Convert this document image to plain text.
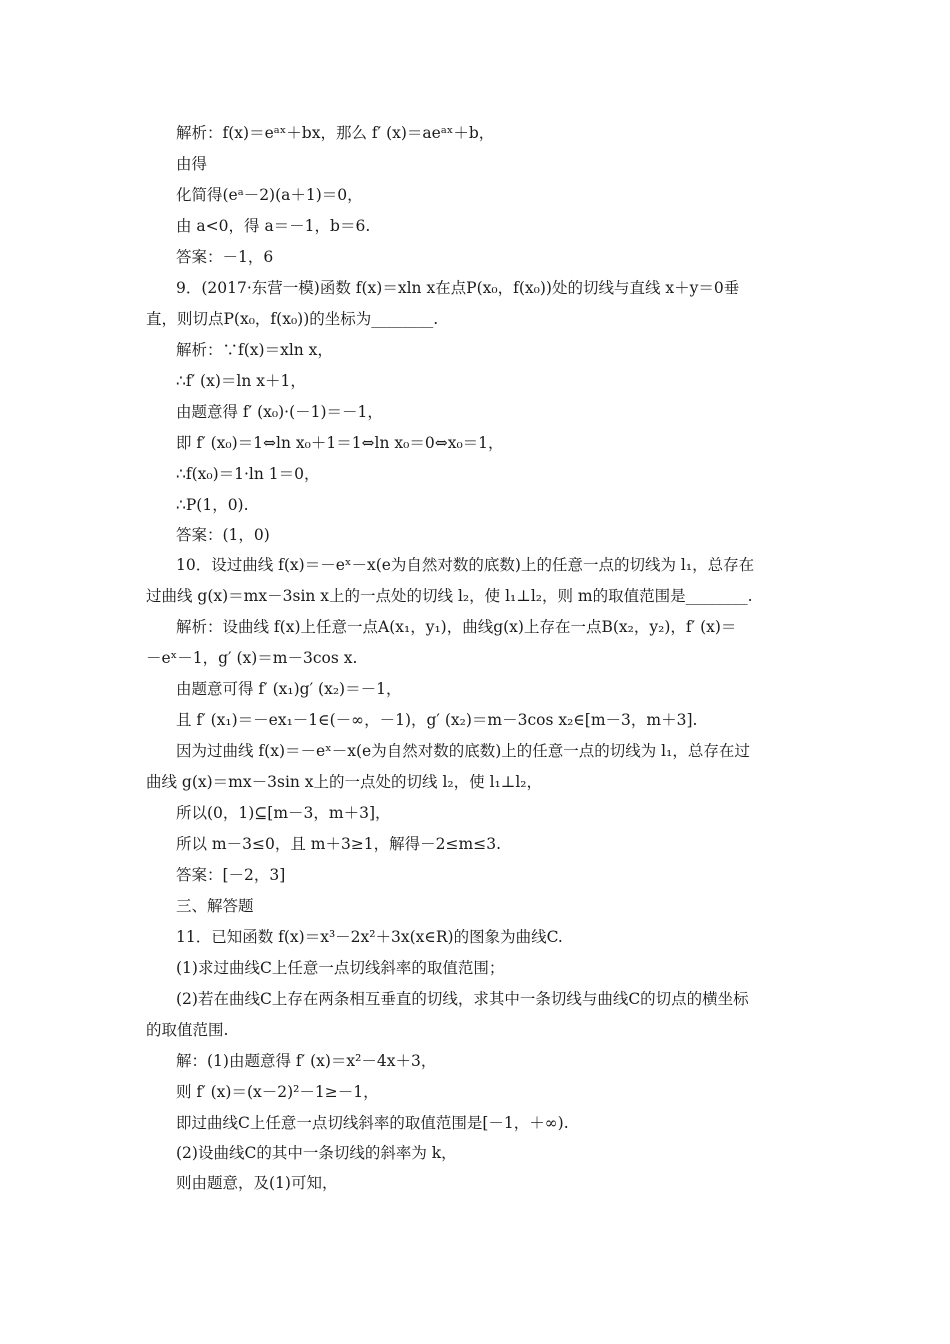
解析：f(x)＝eᵃˣ＋bx，那么 f′ (x)＝aeᵃˣ＋b，
由得
化简得(eᵃ－2)(a＋1)＝0，
由 a<0，得 a＝－1，b＝6.
答案：－1，6
9．(2017·东营一模)函数 f(x)＝xln x在点P(x₀，f(x₀))处的切线与直线 x＋y＝0垂
直，则切点P(x₀，f(x₀))的坐标为________.
解析：∵f(x)＝xln x，
∴f′ (x)＝ln x＋1，
由题意得 f′ (x₀)·(－1)＝－1，
即 f′ (x₀)＝1⇔ln x₀＋1＝1⇔ln x₀＝0⇔x₀＝1，
∴f(x₀)＝1·ln 1＝0，
∴P(1，0).
答案：(1，0)
10．设过曲线 f(x)＝－eˣ－x(e为自然对数的底数)上的任意一点的切线为 l₁，总存在
过曲线 g(x)＝mx－3sin x上的一点处的切线 l₂，使 l₁⊥l₂，则 m的取值范围是________.
解析：设曲线 f(x)上任意一点A(x₁，y₁)，曲线g(x)上存在一点B(x₂，y₂)，f′ (x)＝
－eˣ－1，g′ (x)＝m－3cos x.
由题意可得 f′ (x₁)g′ (x₂)＝－1，
且 f′ (x₁)＝－ex₁－1∈(－∞，－1)，g′ (x₂)＝m－3cos x₂∈[m－3，m＋3].
因为过曲线 f(x)＝－eˣ－x(e为自然对数的底数)上的任意一点的切线为 l₁，总存在过
曲线 g(x)＝mx－3sin x上的一点处的切线 l₂，使 l₁⊥l₂，
所以(0，1)⊆[m－3，m＋3]，
所以 m－3≤0，且 m＋3≥1，解得－2≤m≤3.
答案：[－2，3]
三、解答题
11．已知函数 f(x)＝x³－2x²＋3x(x∈R)的图象为曲线C.
(1)求过曲线C上任意一点切线斜率的取值范围；
(2)若在曲线C上存在两条相互垂直的切线，求其中一条切线与曲线C的切点的横坐标
的取值范围.
解：(1)由题意得 f′ (x)＝x²－4x＋3，
则 f′ (x)＝(x－2)²－1≥－1，
即过曲线C上任意一点切线斜率的取值范围是[－1，＋∞).
(2)设曲线C的其中一条切线的斜率为 k，
则由题意，及(1)可知，
